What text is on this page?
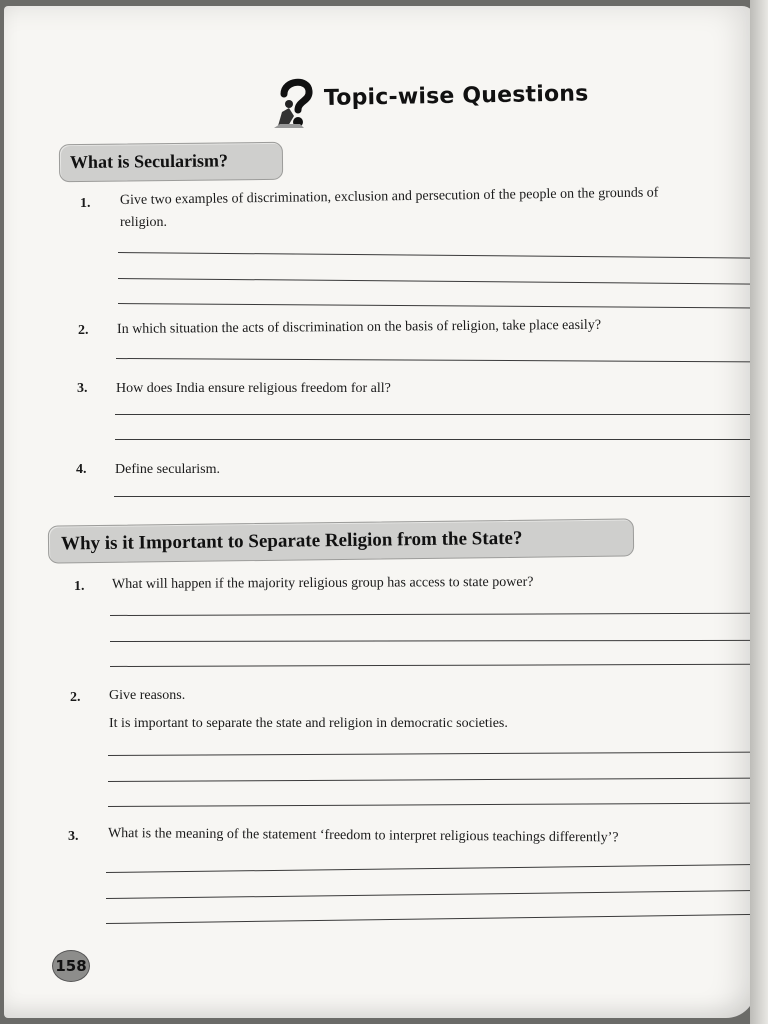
Topic-wise Questions
What is Secularism?
1. Give two examples of discrimination, exclusion and persecution of the people on the grounds of
religion.
2. In which situation the acts of discrimination on the basis of religion, take place easily?
3. How does India ensure religious freedom for all?
4. Define secularism.
Why is it Important to Separate Religion from the State?
1. What will happen if the majority religious group has access to state power?
2. Give reasons.
It is important to separate the state and religion in democratic societies.
3. What is the meaning of the statement ‘freedom to interpret religious teachings differently’?
158
